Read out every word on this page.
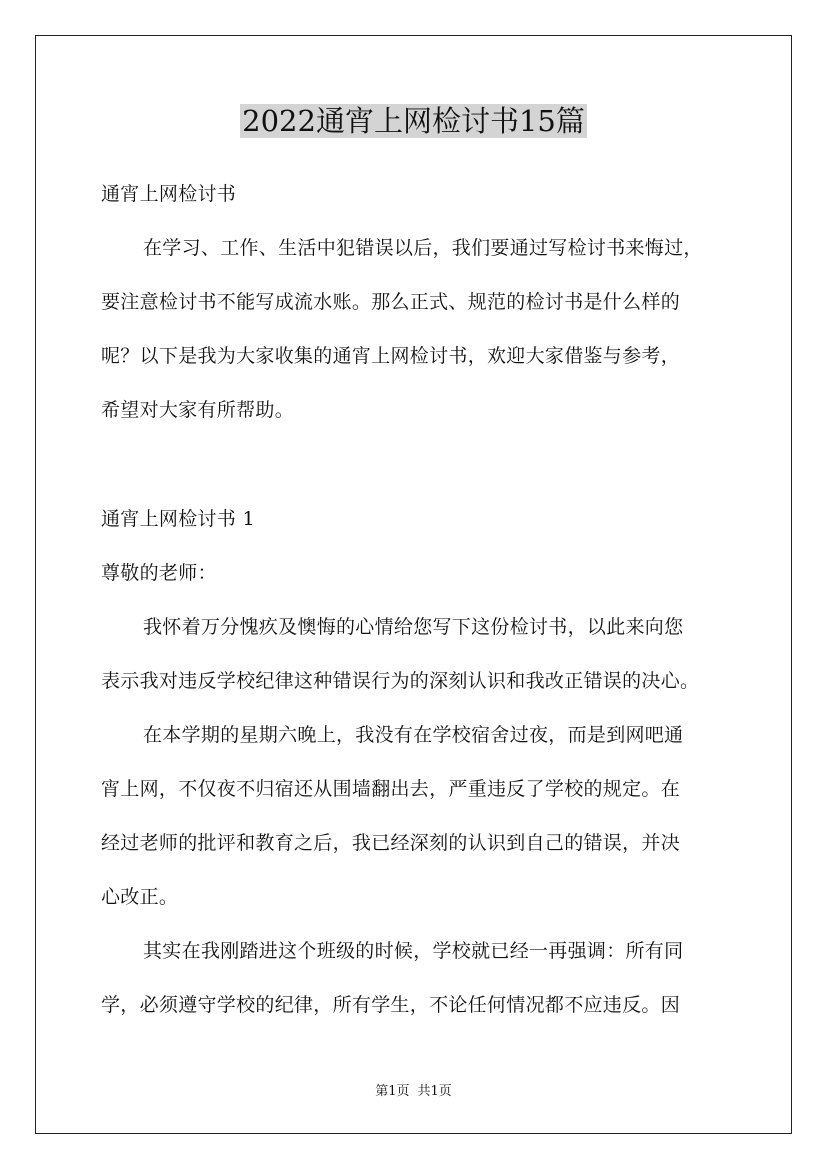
2022通宵上网检讨书15篇
通宵上网检讨书
在学习、工作、生活中犯错误以后，我们要通过写检讨书来悔过，
要注意检讨书不能写成流水账。那么正式、规范的检讨书是什么样的
呢？以下是我为大家收集的通宵上网检讨书，欢迎大家借鉴与参考，
希望对大家有所帮助。
通宵上网检讨书 1
尊敬的老师：
我怀着万分愧疚及懊悔的心情给您写下这份检讨书，以此来向您
表示我对违反学校纪律这种错误行为的深刻认识和我改正错误的决心。
在本学期的星期六晚上，我没有在学校宿舍过夜，而是到网吧通
宵上网，不仅夜不归宿还从围墙翻出去，严重违反了学校的规定。在
经过老师的批评和教育之后，我已经深刻的认识到自己的错误，并决
心改正。
其实在我刚踏进这个班级的时候，学校就已经一再强调：所有同
学，必须遵守学校的纪律，所有学生，不论任何情况都不应违反。因
第1页 共1页
